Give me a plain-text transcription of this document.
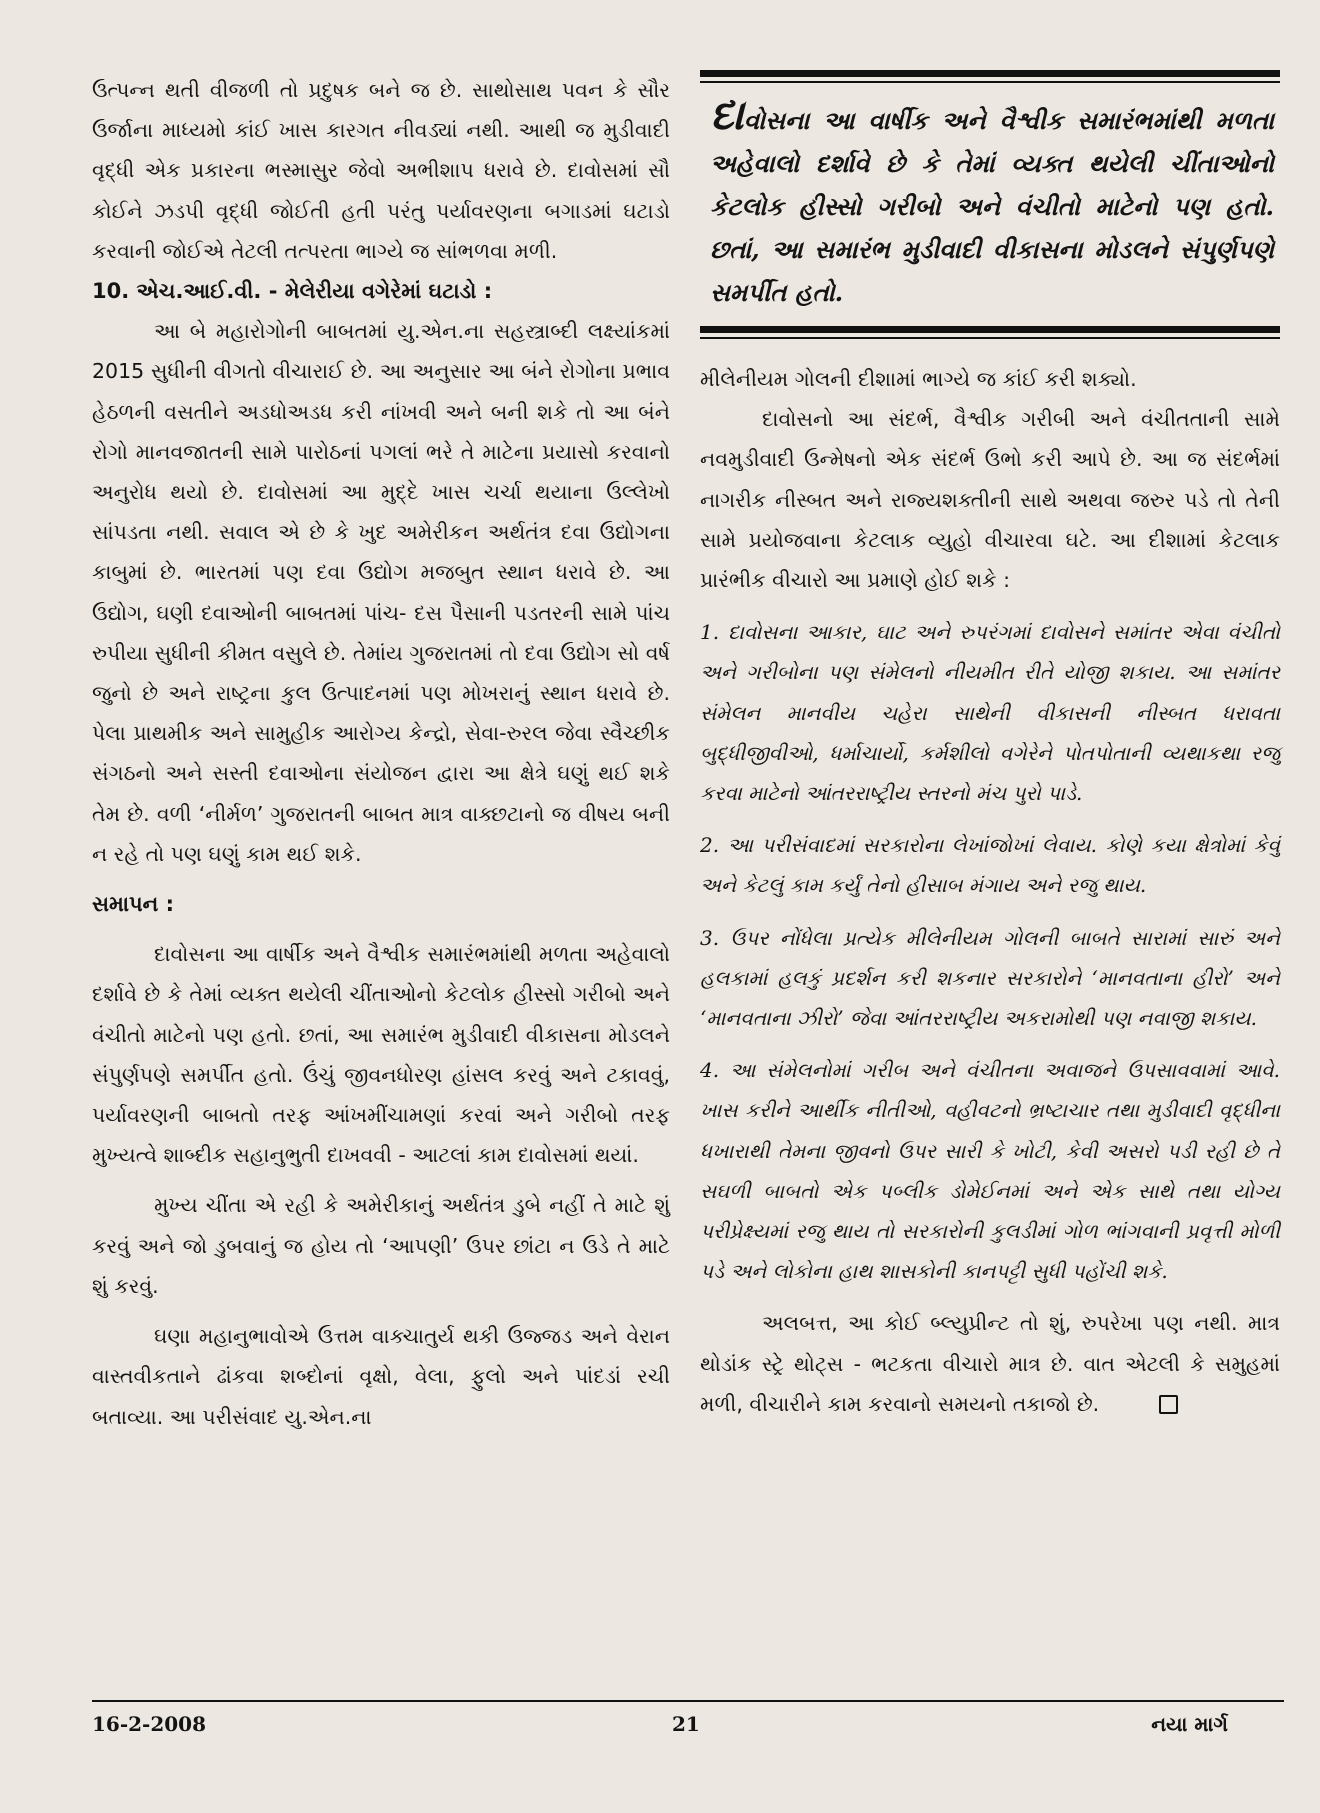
ઉત્પન્ન થતી વીજળી તો પ્રદુષક બને જ છે. સાથોસાથ પવન કે સૌર ઉર્જાના માધ્યમો કાંઈ ખાસ કારગત નીવડ્યાં નથી. આથી જ મુડીવાદી વૃદ્ધી એક પ્રકારના ભસ્માસુર જેવો અભીશાપ ધરાવે છે. દાવોસમાં સૌ કોઈને ઝડપી વૃદ્ધી જોઈતી હતી પરંતુ પર્યાવરણના બગાડમાં ઘટાડો કરવાની જોઈએ તેટલી તત્પરતા ભાગ્યે જ સાંભળવા મળી.

10. એચ.આઈ.વી. - મેલેરીયા વગેરેમાં ઘટાડો :

આ બે મહારોગોની બાબતમાં યુ.એન.ના સહસ્ત્રાબ્દી લક્ષ્યાંકમાં 2015 સુધીની વીગતો વીચારાઈ છે. આ અનુસાર આ બંને રોગોના પ્રભાવ હેઠળની વસતીને અડધોઅડધ કરી નાંખવી અને બની શકે તો આ બંને રોગો માનવજાતની સામે પારોઠનાં પગલાં ભરે તે માટેના પ્રયાસો કરવાનો અનુરોધ થયો છે. દાવોસમાં આ મુદ્દે ખાસ ચર્ચા થયાના ઉલ્લેખો સાંપડતા નથી. સવાલ એ છે કે ખુદ અમેરીકન અર્થતંત્ર દવા ઉદ્યોગના કાબુમાં છે. ભારતમાં પણ દવા ઉદ્યોગ મજબુત સ્થાન ધરાવે છે. આ ઉદ્યોગ, ઘણી દવાઓની બાબતમાં પાંચ- દસ પૈસાની પડતરની સામે પાંચ રુપીયા સુધીની કીમત વસુલે છે. તેમાંય ગુજરાતમાં તો દવા ઉદ્યોગ સો વર્ષ જુનો છે અને રાષ્ટ્રના કુલ ઉત્પાદનમાં પણ મોખરાનું સ્થાન ધરાવે છે. પેલા પ્રાથમીક અને સામુહીક આરોગ્ય કેન્દ્રો, સેવા-રુરલ જેવા સ્વૈચ્છીક સંગઠનો અને સસ્તી દવાઓના સંયોજન દ્વારા આ ક્ષેત્રે ઘણું થઈ શકે તેમ છે. વળી ‘નીર્મળ’ ગુજરાતની બાબત માત્ર વાક્છટાનો જ વીષય બની ન રહે તો પણ ઘણું કામ થઈ શકે.

સમાપન :

દાવોસના આ વાર્ષીક અને વૈશ્વીક સમારંભમાંથી મળતા અહેવાલો દર્શાવે છે કે તેમાં વ્યક્ત થયેલી ચીંતાઓનો કેટલોક હીસ્સો ગરીબો અને વંચીતો માટેનો પણ હતો. છતાં, આ સમારંભ મુડીવાદી વીકાસના મોડલને સંપુર્ણપણે સમર્પીત હતો. ઉંચું જીવનધોરણ હાંસલ કરવું અને ટકાવવું, પર્યાવરણની બાબતો તરફ આંખમીંચામણાં કરવાં અને ગરીબો તરફ મુખ્યત્વે શાબ્દીક સહાનુભુતી દાખવવી - આટલાં કામ દાવોસમાં થયાં.

મુખ્ય ચીંતા એ રહી કે અમેરીકાનું અર્થતંત્ર ડુબે નહીં તે માટે શું કરવું અને જો ડુબવાનું જ હોય તો ‘આપણી’ ઉપર છાંટા ન ઉડે તે માટે શું કરવું.

ઘણા મહાનુભાવોએ ઉત્તમ વાક્ચાતુર્ય થકી ઉજ્જડ અને વેરાન વાસ્તવીકતાને ઢાંકવા શબ્દોનાં વૃક્ષો, વેલા, ફુલો અને પાંદડાં રચી બતાવ્યા. આ પરીસંવાદ યુ.એન.ના

દાવોસના આ વાર્ષીક અને વૈશ્વીક સમારંભમાંથી મળતા અહેવાલો દર્શાવે છે કે તેમાં વ્યક્ત થયેલી ચીંતાઓનો કેટલોક હીસ્સો ગરીબો અને વંચીતો માટેનો પણ હતો. છતાં, આ સમારંભ મુડીવાદી વીકાસના મોડલને સંપુર્ણપણે સમર્પીત હતો.

મીલેનીયમ ગોલની દીશામાં ભાગ્યે જ કાંઈ કરી શક્યો.

દાવોસનો આ સંદર્ભ, વૈશ્વીક ગરીબી અને વંચીતતાની સામે નવમુડીવાદી ઉન્મેષનો એક સંદર્ભ ઉભો કરી આપે છે. આ જ સંદર્ભમાં નાગરીક નીસ્બત અને રાજ્યશક્તીની સાથે અથવા જરુર પડે તો તેની સામે પ્રયોજવાના કેટલાક વ્યુહો વીચારવા ઘટે. આ દીશામાં કેટલાક પ્રારંભીક વીચારો આ પ્રમાણે હોઈ શકે :

1. દાવોસના આકાર, ઘાટ અને રુપરંગમાં દાવોસને સમાંતર એવા વંચીતો અને ગરીબોના પણ સંમેલનો નીયમીત રીતે યોજી શકાય. આ સમાંતર સંમેલન માનવીય ચહેરા સાથેની વીકાસની નીસ્બત ધરાવતા બુદ્ધીજીવીઓ, ધર્માચાર્યો, કર્મશીલો વગેરેને પોતપોતાની વ્યથાકથા રજુ કરવા માટેનો આંતરરાષ્ટ્રીય સ્તરનો મંચ પુરો પાડે.

2. આ પરીસંવાદમાં સરકારોના લેખાંજોખાં લેવાય. કોણે કયા ક્ષેત્રોમાં કેવું અને કેટલું કામ કર્યું તેનો હીસાબ મંગાય અને રજુ થાય.

3. ઉપર નોંધેલા પ્રત્યેક મીલેનીયમ ગોલની બાબતે સારામાં સારું અને હલકામાં હલકું પ્રદર્શન કરી શકનાર સરકારોને ‘માનવતાના હીરો’ અને ‘માનવતાના ઝીરો’ જેવા આંતરરાષ્ટ્રીય અકરામોથી પણ નવાજી શકાય.

4. આ સંમેલનોમાં ગરીબ અને વંચીતના અવાજને ઉપસાવવામાં આવે. ખાસ કરીને આર્થીક નીતીઓ, વહીવટનો ભ્રષ્ટાચાર તથા મુડીવાદી વૃદ્ધીના ધખારાથી તેમના જીવનો ઉપર સારી કે ખોટી, કેવી અસરો પડી રહી છે તે સઘળી બાબતો એક પબ્લીક ડોમેઈનમાં અને એક સાથે તથા યોગ્ય પરીપ્રેક્ષ્યમાં રજુ થાય તો સરકારોની કુલડીમાં ગોળ ભાંગવાની પ્રવૃત્તી મોળી પડે અને લોકોના હાથ શાસકોની કાનપટ્ટી સુધી પહોંચી શકે.

અલબત્ત, આ કોઈ બ્લ્યુપ્રીન્ટ તો શું, રુપરેખા પણ નથી. માત્ર થોડાંક સ્ટ્રે થોટ્સ - ભટકતા વીચારો માત્ર છે. વાત એટલી કે સમુહમાં મળી, વીચારીને કામ કરવાનો સમયનો તકાજો છે.

16-2-2008	21	નયા માર્ગ
